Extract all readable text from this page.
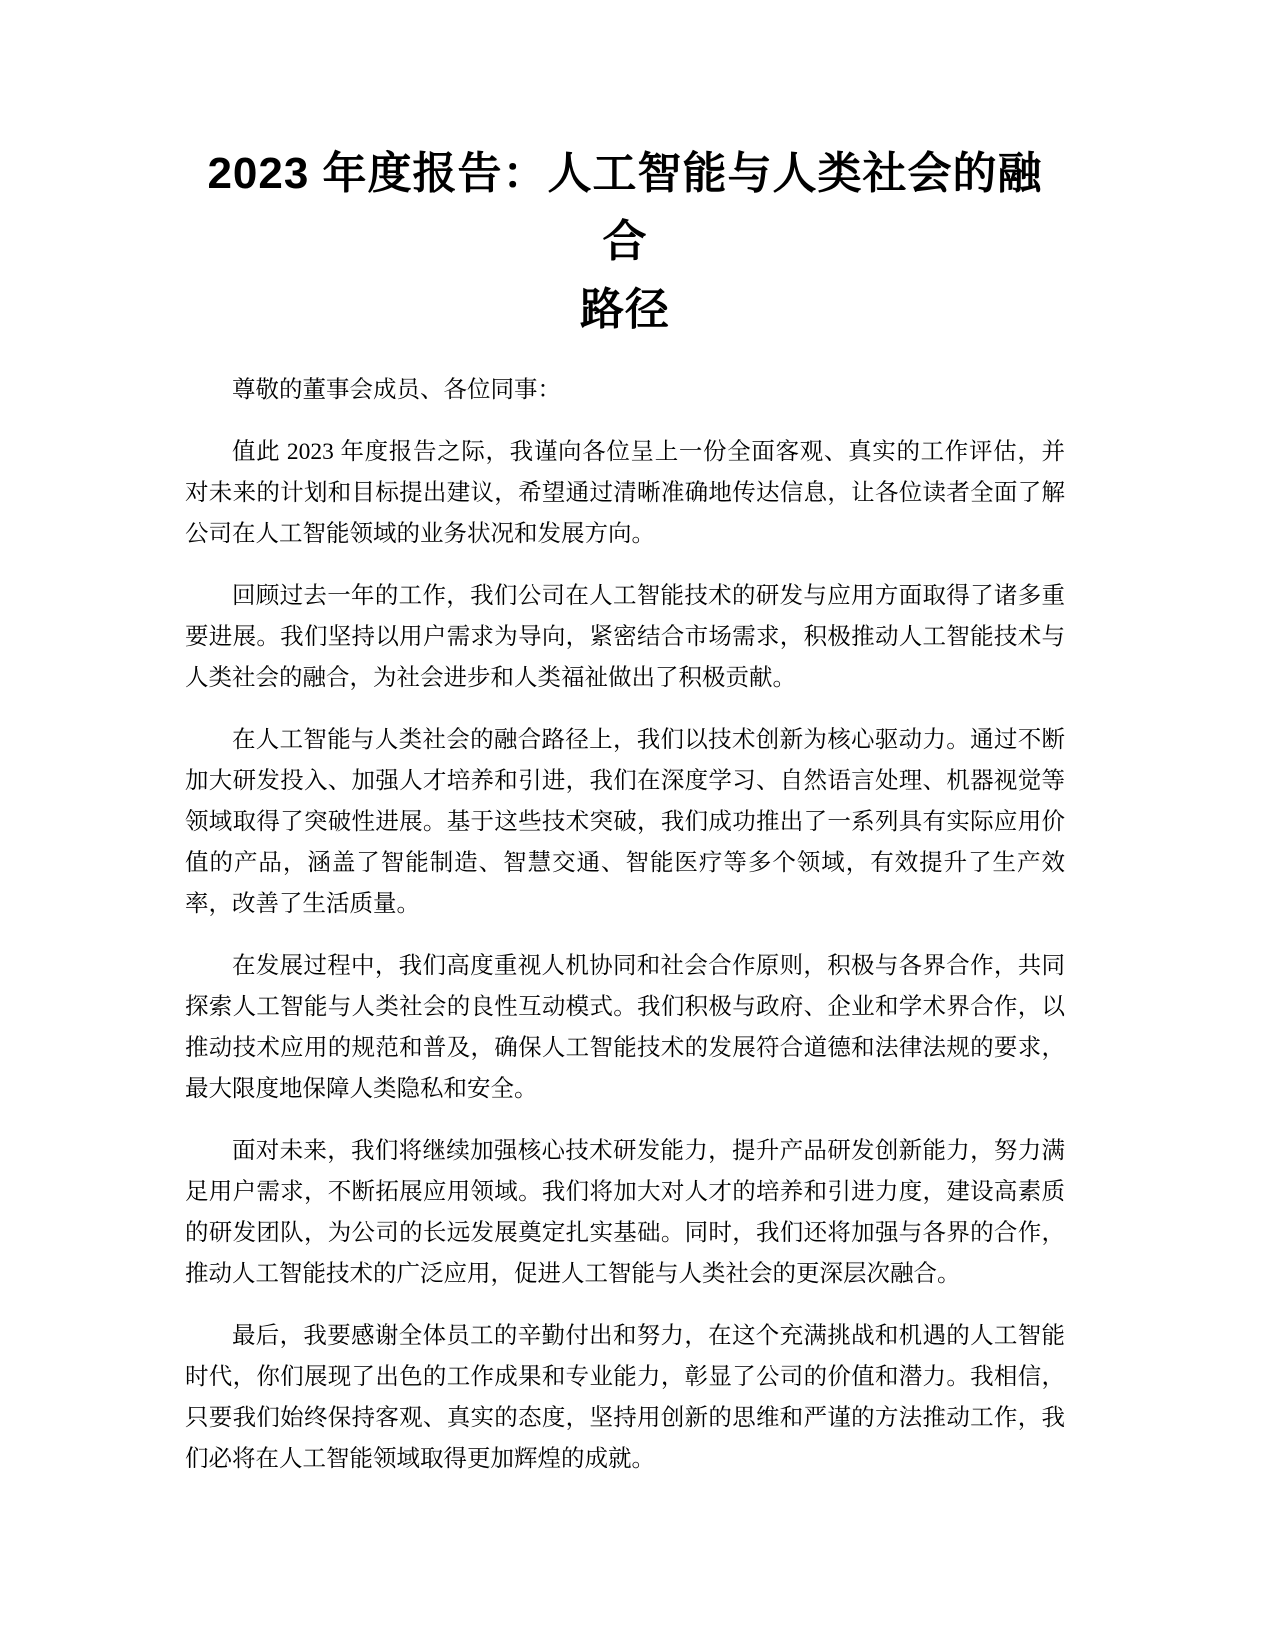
2023 年度报告：人工智能与人类社会的融合
路径

尊敬的董事会成员、各位同事：

值此 2023 年度报告之际，我谨向各位呈上一份全面客观、真实的工作评估，并对未来的计划和目标提出建议，希望通过清晰准确地传达信息，让各位读者全面了解公司在人工智能领域的业务状况和发展方向。

回顾过去一年的工作，我们公司在人工智能技术的研发与应用方面取得了诸多重要进展。我们坚持以用户需求为导向，紧密结合市场需求，积极推动人工智能技术与人类社会的融合，为社会进步和人类福祉做出了积极贡献。

在人工智能与人类社会的融合路径上，我们以技术创新为核心驱动力。通过不断加大研发投入、加强人才培养和引进，我们在深度学习、自然语言处理、机器视觉等领域取得了突破性进展。基于这些技术突破，我们成功推出了一系列具有实际应用价值的产品，涵盖了智能制造、智慧交通、智能医疗等多个领域，有效提升了生产效率，改善了生活质量。

在发展过程中，我们高度重视人机协同和社会合作原则，积极与各界合作，共同探索人工智能与人类社会的良性互动模式。我们积极与政府、企业和学术界合作，以推动技术应用的规范和普及，确保人工智能技术的发展符合道德和法律法规的要求，最大限度地保障人类隐私和安全。

面对未来，我们将继续加强核心技术研发能力，提升产品研发创新能力，努力满足用户需求，不断拓展应用领域。我们将加大对人才的培养和引进力度，建设高素质的研发团队，为公司的长远发展奠定扎实基础。同时，我们还将加强与各界的合作，推动人工智能技术的广泛应用，促进人工智能与人类社会的更深层次融合。

最后，我要感谢全体员工的辛勤付出和努力，在这个充满挑战和机遇的人工智能时代，你们展现了出色的工作成果和专业能力，彰显了公司的价值和潜力。我相信，只要我们始终保持客观、真实的态度，坚持用创新的思维和严谨的方法推动工作，我们必将在人工智能领域取得更加辉煌的成就。
